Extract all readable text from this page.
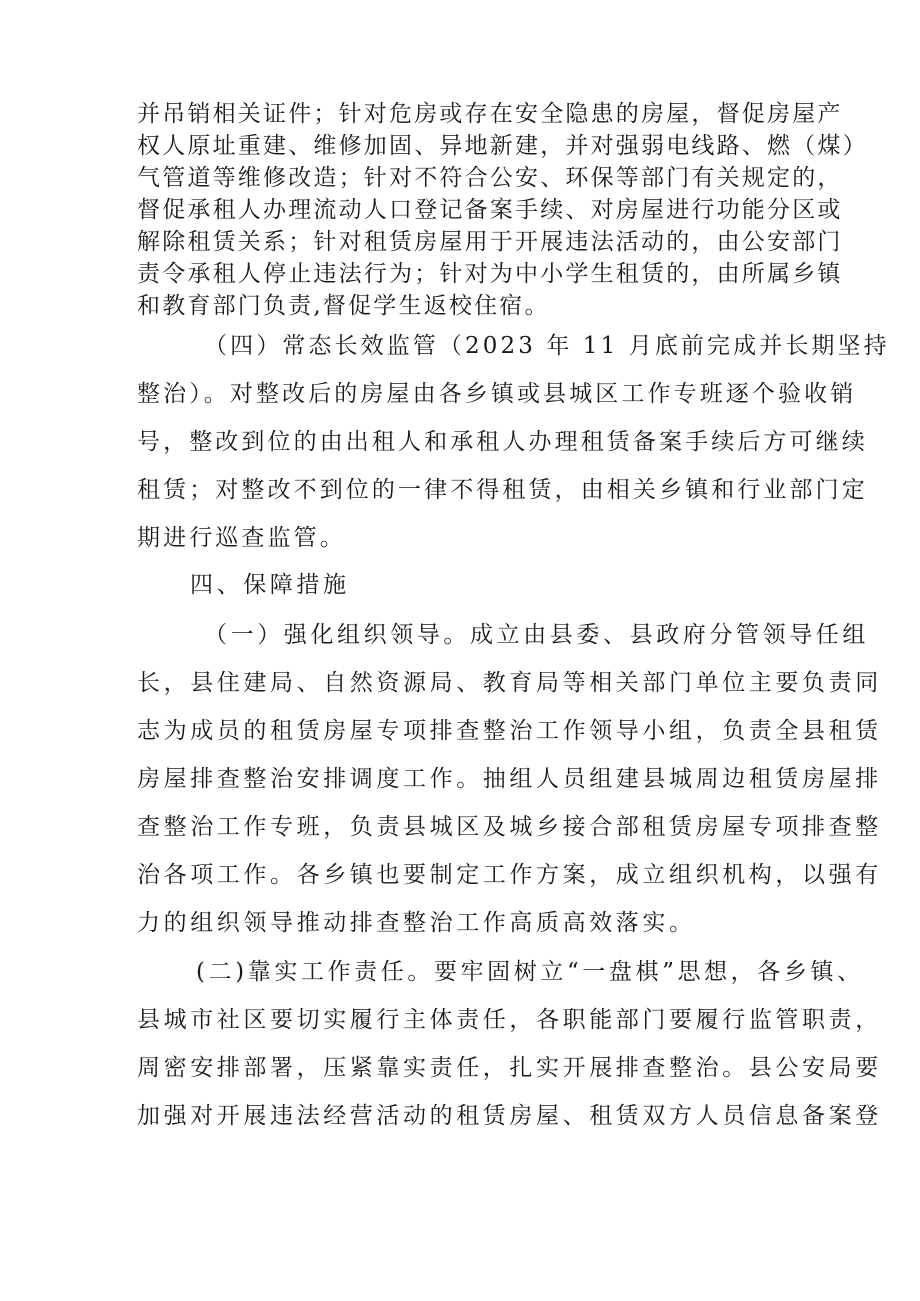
并吊销相关证件；针对危房或存在安全隐患的房屋，督促房屋产
权人原址重建、维修加固、异地新建，并对强弱电线路、燃（煤）
气管道等维修改造；针对不符合公安、环保等部门有关规定的，
督促承租人办理流动人口登记备案手续、对房屋进行功能分区或
解除租赁关系；针对租赁房屋用于开展违法活动的，由公安部门
责令承租人停止违法行为；针对为中小学生租赁的，由所属乡镇
和教育部门负责,督促学生返校住宿。
（四）常态长效监管（2023 年 11 月底前完成并长期坚持
整治）。对整改后的房屋由各乡镇或县城区工作专班逐个验收销
号，整改到位的由出租人和承租人办理租赁备案手续后方可继续
租赁；对整改不到位的一律不得租赁，由相关乡镇和行业部门定
期进行巡查监管。
四、保障措施
（一）强化组织领导。成立由县委、县政府分管领导任组
长，县住建局、自然资源局、教育局等相关部门单位主要负责同
志为成员的租赁房屋专项排查整治工作领导小组，负责全县租赁
房屋排查整治安排调度工作。抽组人员组建县城周边租赁房屋排
查整治工作专班，负责县城区及城乡接合部租赁房屋专项排查整
治各项工作。各乡镇也要制定工作方案，成立组织机构，以强有
力的组织领导推动排查整治工作高质高效落实。
(二)靠实工作责任。要牢固树立“一盘棋”思想，各乡镇、
县城市社区要切实履行主体责任，各职能部门要履行监管职责，
周密安排部署，压紧靠实责任，扎实开展排查整治。县公安局要
加强对开展违法经营活动的租赁房屋、租赁双方人员信息备案登
